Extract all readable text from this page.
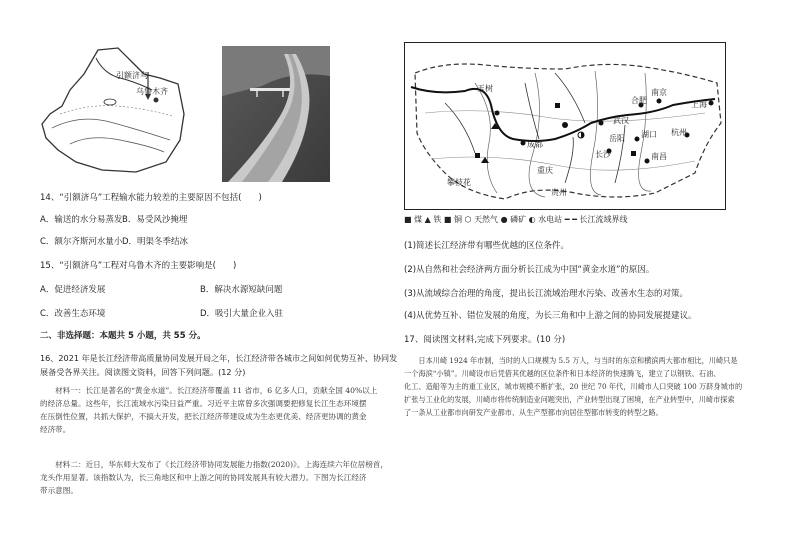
引额济乌
乌鲁木齐
14、“引额济乌”工程输水能力较差的主要原因不包括(　　)
A．输送的水分易蒸发 B．易受风沙掩埋
C．额尔齐斯河水量小 D．明渠冬季结冰
15、“引额济乌”工程对乌鲁木齐的主要影响是(　　)
A．促进经济发展	B．解决水源短缺问题
C．改善生态环境	D．吸引大量企业入驻
二、非选择题：本题共 5 小题，共 55 分。
16、2021 年是长江经济带高质量协同发展开局之年，长江经济带各城市之间如何优势互补、协同发
展备受各界关注。阅读图文资料，回答下列问题。(12 分)
　　材料一：长江是著名的“黄金水道”。长江经济带覆盖 11 省市，6 亿多人口，贡献全国 40%以上
的经济总量。这些年，长江流域水污染日益严重。习近平主席曾多次强调要把修复长江生态环境摆
在压倒性位置，共抓大保护，不搞大开发，把长江经济带建设成为生态更优美、经济更协调的黄金
经济带。
　　材料二：近日，华东师大发布了《长江经济带协同发展能力指数(2020)》。上海连续六年位居榜首，
龙头作用显著。该指数认为，长三角地区和中上游之间的协同发展具有较大潜力。下图为长江经济
带示意图。
玉树
成都
重庆
贵州
攀枝花
武汉
南京
上海
合肥
杭州
长沙
岳阳 湖口
南昌
■ 煤 ▲ 铁 ■ 铜 ⬡ 天然气 ● 磷矿 ◐ 水电站 ━ ━ 长江流域界线
(1)简述长江经济带有哪些优越的区位条件。
(2)从自然和社会经济两方面分析长江成为中国“黄金水道”的原因。
(3)从流域综合治理的角度，提出长江流域治理水污染、改善水生态的对策。
(4)从优势互补、错位发展的角度，为长三角和中上游之间的协同发展提建议。
17、阅读图文材料,完成下列要求。(10 分)
　　日本川崎 1924 年市制，当时的人口规模为 5.5 万人，与当时的东京和横滨两大都市相比，川崎只是
一个海滨“小镇”。川崎设市后凭借其优越的区位条件和日本经济的快速腾飞，建立了以钢铁、石油、
化工、造船等为主的重工业区，城市规模不断扩张，20 世纪 70 年代，川崎市人口突破 100 万跻身城市的
扩张与工业化的发展，川崎市将传统制造业问题突出，产业转型出现了困境，在产业转型中，川崎市探索
了一条从工业都市向研发产业都市、从生产型都市向居住型都市转变的转型之路。
